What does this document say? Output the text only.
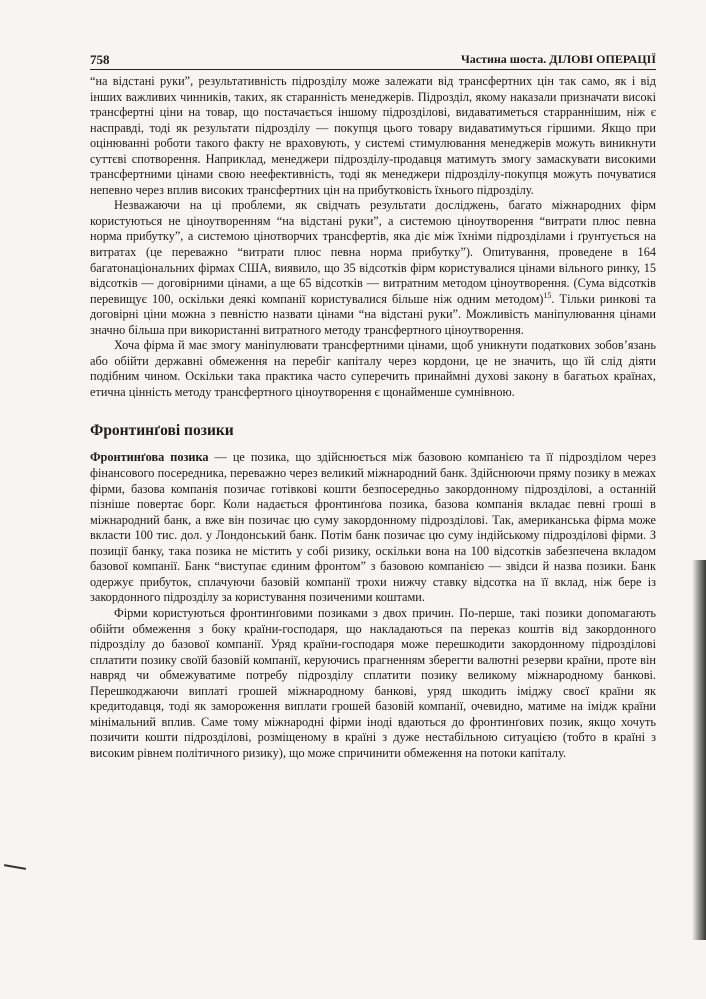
758	Частина шоста. ДІЛОВІ ОПЕРАЦІЇ

“на відстані руки”, результативність підрозділу може залежати від трансфертних цін так само, як і від інших важливих чинників, таких, як старанність менеджерів. Підрозділ, якому наказали призначати високі трансфертні ціни на товар, що постачається іншому підрозділові, видаватиметься старраннішим, ніж є насправді, тоді як результати підрозділу — покупця цього товару видаватимуться гіршими. Якщо при оцінюванні роботи такого факту не враховують, у системі стимулювання менеджерів можуть виникнути суттєві спотворення. Наприклад, менеджери підрозділу-продавця матимуть змогу замаскувати високими трансфертними цінами свою неефективність, тоді як менеджери підрозділу-покупця можуть почуватися непевно через вплив високих трансфертних цін на прибутковість їхнього підрозділу.

Незважаючи на ці проблеми, як свідчать результати досліджень, багато міжнародних фірм користуються не ціноутворенням “на відстані руки”, а системою ціноутворення “витрати плюс певна норма прибутку”, а системою цінотворчих трансфертів, яка діє між їхніми підрозділами і ґрунтується на витратах (це переважно “витрати плюс певна норма прибутку”). Опитування, проведене в 164 багатонаціональних фірмах США, виявило, що 35 відсотків фірм користувалися цінами вільного ринку, 15 відсотків — договірними цінами, а ще 65 відсотків — витратним методом ціноутворення. (Сума відсотків перевищує 100, оскільки деякі компанії користувалися більше ніж одним методом)$^{15}$. Тільки ринкові та договірні ціни можна з певністю назвати цінами “на відстані руки”. Можливість маніпулювання цінами значно більша при використанні витратного методу трансфертного ціноутворення.

Хоча фірма й має змогу маніпулювати трансфертними цінами, щоб уникнути податкових зобов’язань або обійти державні обмеження на перебіг капіталу через кордони, це не значить, що їй слід діяти подібним чином. Оскільки така практика часто суперечить принаймні духові закону в багатьох країнах, етична цінність методу трансфертного ціноутворення є щонайменше сумнівною.

Фронтинґові позики

Фронтинґова позика — це позика, що здійснюється між базовою компанією та її підрозділом через фінансового посередника, переважно через великий міжнародний банк. Здійснюючи пряму позику в межах фірми, базова компанія позичає готівкові кошти безпосередньо закордонному підрозділові, а останній пізніше повертає борг. Коли надається фронтинґова позика, базова компанія вкладає певні гроші в міжнародний банк, а вже він позичає цю суму закордонному підрозділові. Так, американська фірма може вкласти 100 тис. дол. у Лондонський банк. Потім банк позичає цю суму індійському підрозділові фірми. З позиції банку, така позика не містить у собі ризику, оскільки вона на 100 відсотків забезпечена вкладом базової компанії. Банк “виступає єдиним фронтом” з базовою компанією — звідси й назва позики. Банк одержує прибуток, сплачуючи базовій компанії трохи нижчу ставку відсотка на її вклад, ніж бере із закордонного підрозділу за користування позиченими коштами.

Фірми користуються фронтинґовими позиками з двох причин. По-перше, такі позики допомагають обійти обмеження з боку країни-господаря, що накладаються па переказ коштів від закордонного підрозділу до базової компанії. Уряд країни-господаря може перешкодити закордонному підрозділові сплатити позику своїй базовій компанії, керуючись прагненням зберегти валютні резерви країни, проте він навряд чи обмежуватиме потребу підрозділу сплатити позику великому міжнародному банкові. Перешкоджаючи виплаті грошей міжнародному банкові, уряд шкодить іміджу своєї країни як кредитодавця, тоді як замороження виплати грошей базовій компанії, очевидно, матиме на імідж країни мінімальний вплив. Саме тому міжнародні фірми іноді вдаються до фронтинґових позик, якщо хочуть позичити кошти підрозділові, розміщеному в країні з дуже нестабільною ситуацією (тобто в країні з високим рівнем політичного ризику), що може спричинити обмеження на потоки капіталу.
